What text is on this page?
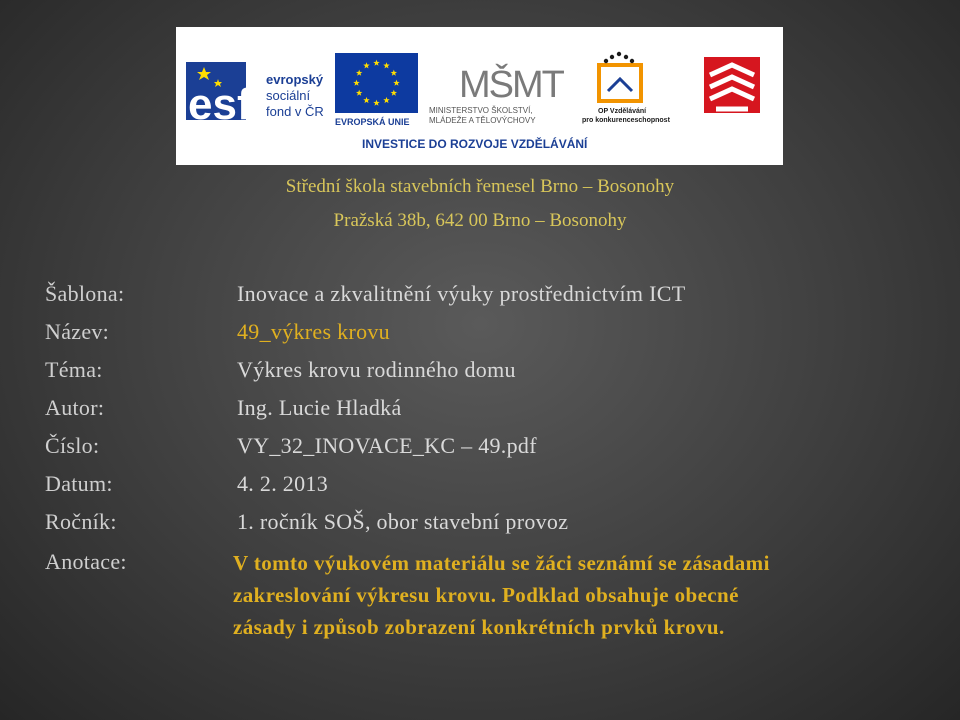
esf
evropský
sociální
fond v ČR
EVROPSKÁ UNIE
MŠMT
MINISTERSTVO ŠKOLSTVÍ,
MLÁDEŽE A TĚLOVÝCHOVY
OP Vzdělávání
pro konkurenceschopnost
INVESTICE DO ROZVOJE VZDĚLÁVÁNÍ
Střední škola stavebních řemesel Brno – Bosonohy
Pražská 38b, 642 00 Brno – Bosonohy
Šablona:	Inovace a zkvalitnění výuky prostřednictvím ICT
Název:	49_výkres krovu
Téma:	Výkres krovu rodinného domu
Autor:	Ing. Lucie Hladká
Číslo:	VY_32_INOVACE_KC – 49.pdf
Datum:	4. 2. 2013
Ročník:	1. ročník SOŠ, obor stavební provoz
Anotace:	V tomto výukovém materiálu se žáci seznámí se zásadami
zakreslování výkresu krovu. Podklad obsahuje obecné
zásady i způsob zobrazení konkrétních prvků krovu.
